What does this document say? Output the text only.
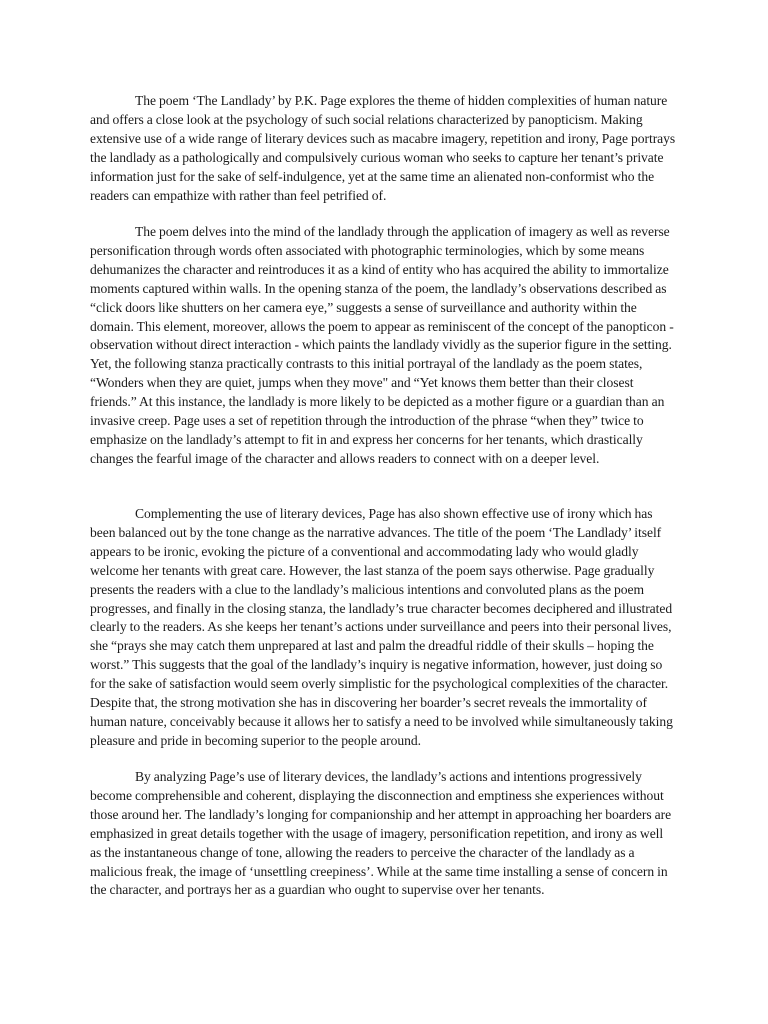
The poem ‘The Landlady’ by P.K. Page explores the theme of hidden complexities of human nature and offers a close look at the psychology of such social relations characterized by panopticism. Making extensive use of a wide range of literary devices such as macabre imagery, repetition and irony, Page portrays the landlady as a pathologically and compulsively curious woman who seeks to capture her tenant’s private information just for the sake of self-indulgence, yet at the same time an alienated non-conformist who the readers can empathize with rather than feel petrified of.

The poem delves into the mind of the landlady through the application of imagery as well as reverse personification through words often associated with photographic terminologies, which by some means dehumanizes the character and reintroduces it as a kind of entity who has acquired the ability to immortalize moments captured within walls. In the opening stanza of the poem, the landlady’s observations described as “click doors like shutters on her camera eye,” suggests a sense of surveillance and authority within the domain. This element, moreover, allows the poem to appear as reminiscent of the concept of the panopticon - observation without direct interaction - which paints the landlady vividly as the superior figure in the setting. Yet, the following stanza practically contrasts to this initial portrayal of the landlady as the poem states, “Wonders when they are quiet, jumps when they move" and “Yet knows them better than their closest friends.” At this instance, the landlady is more likely to be depicted as a mother figure or a guardian than an invasive creep. Page uses a set of repetition through the introduction of the phrase “when they” twice to emphasize on the landlady’s attempt to fit in and express her concerns for her tenants, which drastically changes the fearful image of the character and allows readers to connect with on a deeper level.

Complementing the use of literary devices, Page has also shown effective use of irony which has been balanced out by the tone change as the narrative advances. The title of the poem ‘The Landlady’ itself appears to be ironic, evoking the picture of a conventional and accommodating lady who would gladly welcome her tenants with great care. However, the last stanza of the poem says otherwise. Page gradually presents the readers with a clue to the landlady’s malicious intentions and convoluted plans as the poem progresses, and finally in the closing stanza, the landlady’s true character becomes deciphered and illustrated clearly to the readers. As she keeps her tenant’s actions under surveillance and peers into their personal lives, she “prays she may catch them unprepared at last and palm the dreadful riddle of their skulls – hoping the worst.” This suggests that the goal of the landlady’s inquiry is negative information, however, just doing so for the sake of satisfaction would seem overly simplistic for the psychological complexities of the character. Despite that, the strong motivation she has in discovering her boarder’s secret reveals the immortality of human nature, conceivably because it allows her to satisfy a need to be involved while simultaneously taking pleasure and pride in becoming superior to the people around.

By analyzing Page’s use of literary devices, the landlady’s actions and intentions progressively become comprehensible and coherent, displaying the disconnection and emptiness she experiences without those around her. The landlady’s longing for companionship and her attempt in approaching her boarders are emphasized in great details together with the usage of imagery, personification repetition, and irony as well as the instantaneous change of tone, allowing the readers to perceive the character of the landlady as a malicious freak, the image of ‘unsettling creepiness’. While at the same time installing a sense of concern in the character, and portrays her as a guardian who ought to supervise over her tenants.
